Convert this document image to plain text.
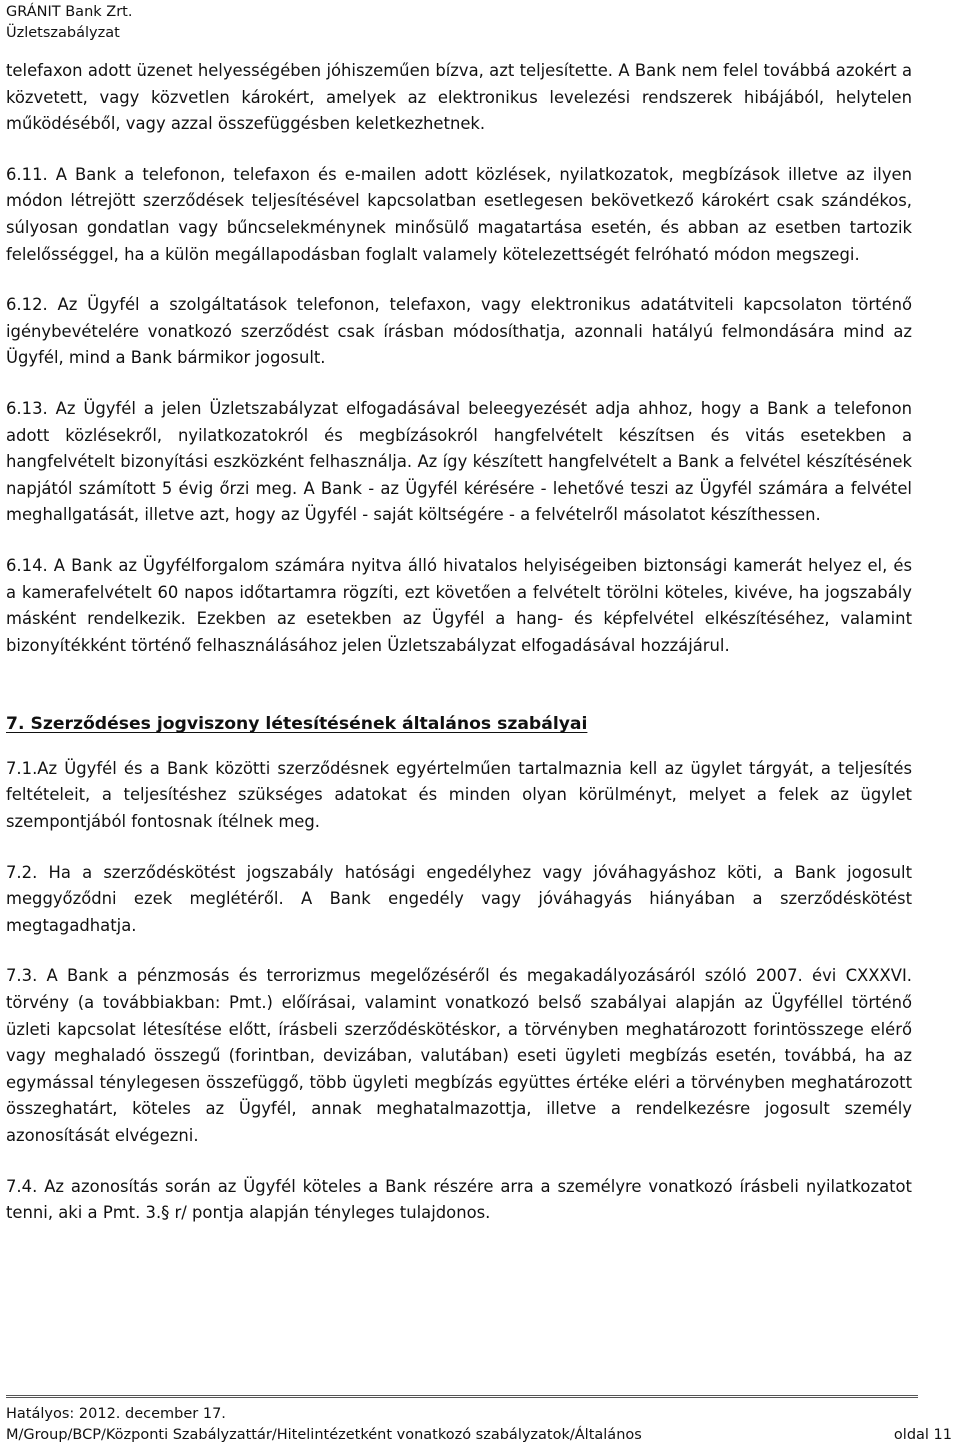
GRÁNIT Bank Zrt.
Üzletszabályzat

telefaxon adott üzenet helyességében jóhiszeműen bízva, azt teljesítette. A Bank nem felel továbbá azokért a közvetett, vagy közvetlen károkért, amelyek az elektronikus levelezési rendszerek hibájából, helytelen működéséből, vagy azzal összefüggésben keletkezhetnek.

6.11. A Bank a telefonon, telefaxon és e-mailen adott közlések, nyilatkozatok, megbízások illetve az ilyen módon létrejött szerződések teljesítésével kapcsolatban esetlegesen bekövetkező károkért csak szándékos, súlyosan gondatlan vagy bűncselekménynek minősülő magatartása esetén, és abban az esetben tartozik felelősséggel, ha a külön megállapodásban foglalt valamely kötelezettségét felróható módon megszegi.

6.12. Az Ügyfél a szolgáltatások telefonon, telefaxon, vagy elektronikus adatátviteli kapcsolaton történő igénybevételére vonatkozó szerződést csak írásban módosíthatja, azonnali hatályú felmondására mind az Ügyfél, mind a Bank bármikor jogosult.

6.13. Az Ügyfél a jelen Üzletszabályzat elfogadásával beleegyezését adja ahhoz, hogy a Bank a telefonon adott közlésekről, nyilatkozatokról és megbízásokról hangfelvételt készítsen és vitás esetekben a hangfelvételt bizonyítási eszközként felhasználja. Az így készített hangfelvételt a Bank a felvétel készítésének napjától számított 5 évig őrzi meg. A Bank - az Ügyfél kérésére - lehetővé teszi az Ügyfél számára a felvétel meghallgatását, illetve azt, hogy az Ügyfél - saját költségére - a felvételről másolatot készíthessen.

6.14. A Bank az Ügyfélforgalom számára nyitva álló hivatalos helyiségeiben biztonsági kamerát helyez el, és a kamerafelvételt 60 napos időtartamra rögzíti, ezt követően a felvételt törölni köteles, kivéve, ha jogszabály másként rendelkezik. Ezekben az esetekben az Ügyfél a hang- és képfelvétel elkészítéséhez, valamint bizonyítékként történő felhasználásához jelen Üzletszabályzat elfogadásával hozzájárul.

7. Szerződéses jogviszony létesítésének általános szabályai

7.1.Az Ügyfél és a Bank közötti szerződésnek egyértelműen tartalmaznia kell az ügylet tárgyát, a teljesítés feltételeit, a teljesítéshez szükséges adatokat és minden olyan körülményt, melyet a felek az ügylet szempontjából fontosnak ítélnek meg.

7.2. Ha a szerződéskötést jogszabály hatósági engedélyhez vagy jóváhagyáshoz köti, a Bank jogosult meggyőződni ezek meglétéről. A Bank engedély vagy jóváhagyás hiányában a szerződéskötést megtagadhatja.

7.3. A Bank a pénzmosás és terrorizmus megelőzéséről és megakadályozásáról szóló 2007. évi CXXXVI. törvény (a továbbiakban: Pmt.) előírásai, valamint vonatkozó belső szabályai alapján az Ügyféllel történő üzleti kapcsolat létesítése előtt, írásbeli szerződéskötéskor, a törvényben meghatározott forintösszege elérő vagy meghaladó összegű (forintban, devizában, valutában) eseti ügyleti megbízás esetén, továbbá, ha az egymással ténylegesen összefüggő, több ügyleti megbízás együttes értéke eléri a törvényben meghatározott összeghatárt, köteles az Ügyfél, annak meghatalmazottja, illetve a rendelkezésre jogosult személy azonosítását elvégezni.

7.4. Az azonosítás során az Ügyfél köteles a Bank részére arra a személyre vonatkozó írásbeli nyilatkozatot tenni, aki a Pmt. 3.§ r/ pontja alapján tényleges tulajdonos.

Hatályos: 2012. december 17.
M/Group/BCP/Központi Szabályzattár/Hitelintézetként vonatkozó szabályzatok/Általános	oldal 11
